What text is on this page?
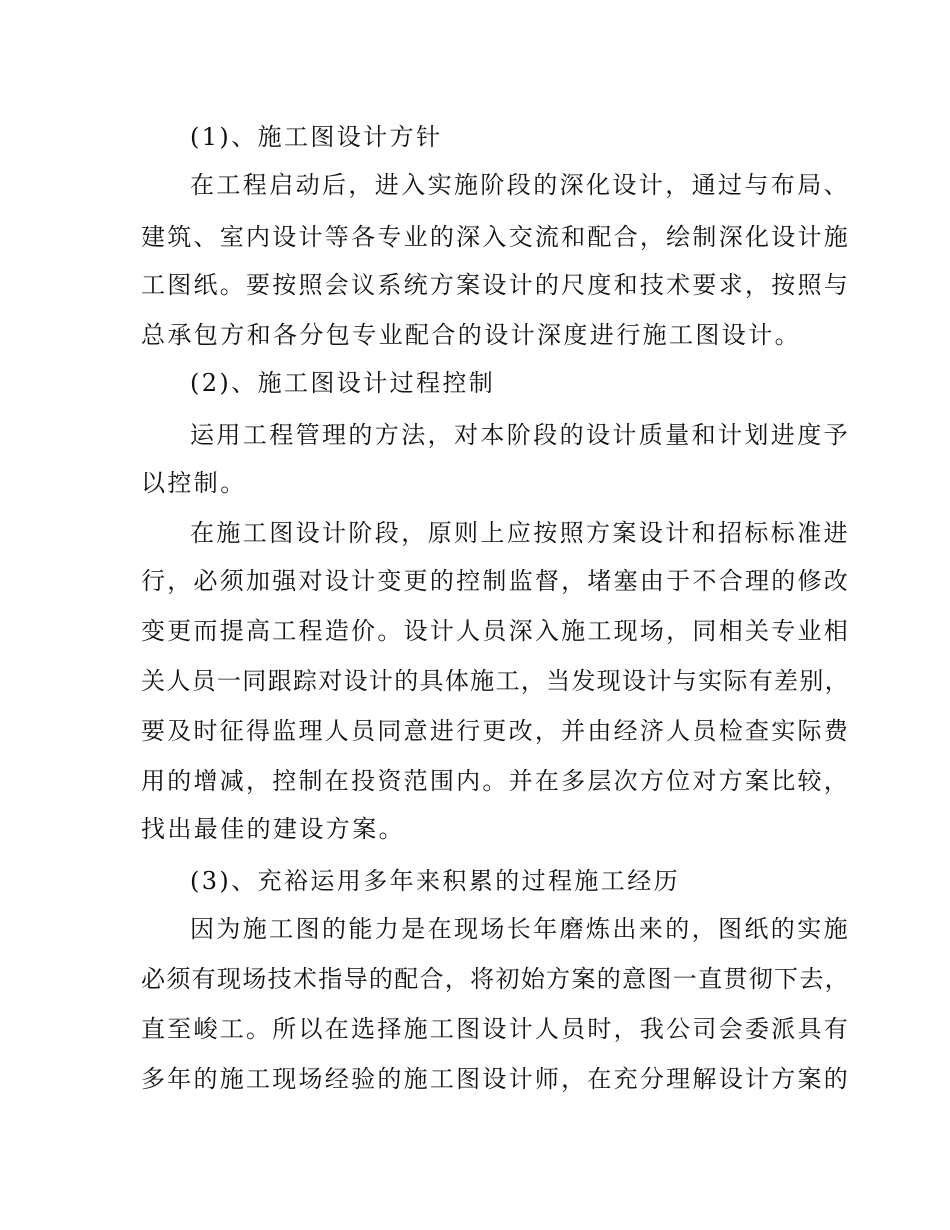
(1)、施工图设计方针
在工程启动后，进入实施阶段的深化设计，通过与布局、
建筑、室内设计等各专业的深入交流和配合，绘制深化设计施
工图纸。要按照会议系统方案设计的尺度和技术要求，按照与
总承包方和各分包专业配合的设计深度进行施工图设计。
(2)、施工图设计过程控制
运用工程管理的方法，对本阶段的设计质量和计划进度予
以控制。
在施工图设计阶段，原则上应按照方案设计和招标标准进
行，必须加强对设计变更的控制监督，堵塞由于不合理的修改
变更而提高工程造价。设计人员深入施工现场，同相关专业相
关人员一同跟踪对设计的具体施工，当发现设计与实际有差别，
要及时征得监理人员同意进行更改，并由经济人员检查实际费
用的增减，控制在投资范围内。并在多层次方位对方案比较，
找出最佳的建设方案。
(3)、充裕运用多年来积累的过程施工经历
因为施工图的能力是在现场长年磨炼出来的，图纸的实施
必须有现场技术指导的配合，将初始方案的意图一直贯彻下去，
直至峻工。所以在选择施工图设计人员时，我公司会委派具有
多年的施工现场经验的施工图设计师，在充分理解设计方案的
